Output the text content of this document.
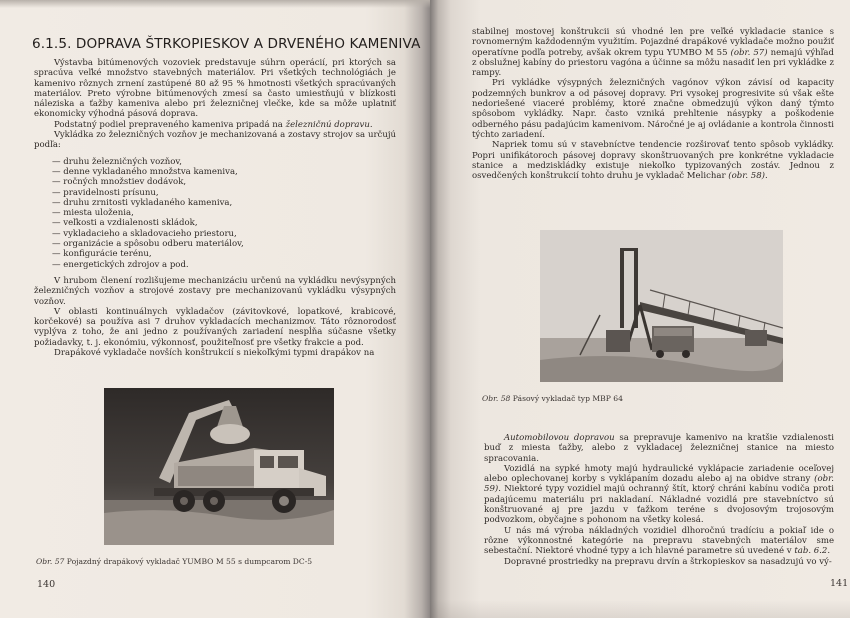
6.1.5. DOPRAVA ŠTRKOPIESKOV A DRVENÉHO KAMENIVA

Výstavba bitúmenových vozoviek predstavuje súhrn operácií, pri ktorých sa spracúva veľké množstvo stavebných materiálov. Pri všetkých technológiách je kamenivo rôznych zrnení zastúpené 80 až 95 % hmotnosti všetkých spracúvaných materiálov. Preto výrobne bitúmenových zmesí sa často umiestňujú v blízkosti náleziska a ťažby kameniva alebo pri železničnej vlečke, kde sa môže uplatniť ekonomicky výhodná pásová doprava.

Podstatný podiel prepraveného kameniva pripadá na železničnú dopravu.

Vykládka zo železničných vozňov je mechanizovaná a zostavy strojov sa určujú podľa:

— druhu železničných vozňov,
— denne vykladaného množstva kameniva,
— ročných množstiev dodávok,
— pravidelnosti prísunu,
— druhu zrnitosti vykladaného kameniva,
— miesta uloženia,
— veľkosti a vzdialenosti skládok,
— vykladacieho a skladovacieho priestoru,
— organizácie a spôsobu odberu materiálov,
— konfigurácie terénu,
— energetických zdrojov a pod.

V hrubom členení rozlišujeme mechanizáciu určenú na vykládku nevýsypných železničných vozňov a strojové zostavy pre mechanizovanú vykládku výsypných vozňov.

V oblasti kontinuálnych vykladačov (závitovkové, lopatkové, krabicové, korčekové) sa používa asi 7 druhov vykladacích mechanizmov. Táto rôznorodosť vyplýva z toho, že ani jedno z používaných zariadení nespĺňa súčasne všetky požiadavky, t. j. ekonómiu, výkonnosť, použiteľnosť pre všetky frakcie a pod.

Drapákové vykladače novších konštrukcií s niekoľkými typmi drapákov na

Obr. 57 Pojazdný drapákový vykladač YUMBO M 55 s dumpcarom DC-5
140

stabilnej mostovej konštrukcii sú vhodné len pre veľké vykladacie stanice s rovnomerným každodenným využitím. Pojazdné drapákové vykladače možno použiť operatívne podľa potreby, avšak okrem typu YUMBO M 55 (obr. 57) nemajú výhľad z obslužnej kabíny do priestoru vagóna a účinne sa môžu nasadiť len pri vykládke z rampy.

Pri vykládke výsypných železničných vagónov výkon závisí od kapacity podzemných bunkrov a od pásovej dopravy. Pri vysokej progresivite sú však ešte nedoriešené viaceré problémy, ktoré značne obmedzujú výkon daný týmto spôsobom vykládky. Napr. často vzniká prehltenie násypky a poškodenie odberného pásu padajúcim kamenivom. Náročné je aj ovládanie a kontrola činnosti týchto zariadení.

Napriek tomu sú v stavebníctve tendencie rozširovať tento spôsob vykládky. Popri unifikátoroch pásovej dopravy skonštruovaných pre konkrétne vykladacie stanice a medziskládky existuje niekoľko typizovaných zostáv. Jednou z osvedčených konštrukcií tohto druhu je vykladač Melichar (obr. 58).

Obr. 58 Pásový vykladač typ MBP 64

Automobilovou dopravou sa prepravuje kamenivo na kratšie vzdialenosti buď z miesta ťažby, alebo z vykladacej železničnej stanice na miesto spracovania.

Vozidlá na sypké hmoty majú hydraulické vyklápacie zariadenie oceľovej alebo oplechovanej korby s vyklápaním dozadu alebo aj na obidve strany (obr. 59). Niektoré typy vozidiel majú ochranný štít, ktorý chráni kabínu vodiča proti padajúcemu materiálu pri nakladaní. Nákladné vozidlá pre stavebníctvo sú konštruované aj pre jazdu v ťažkom teréne s dvojosovým trojosovým podvozkom, obyčajne s pohonom na všetky kolesá.

U nás má výroba nákladných vozidiel dlhoročnú tradíciu a pokiaľ ide o rôzne výkonnostné kategórie na prepravu stavebných materiálov sme sebestační. Niektoré vhodné typy a ich hlavné parametre sú uvedené v tab. 6.2.

Dopravné prostriedky na prepravu drvín a štrkopieskov sa nasadzujú vo vý-

141
